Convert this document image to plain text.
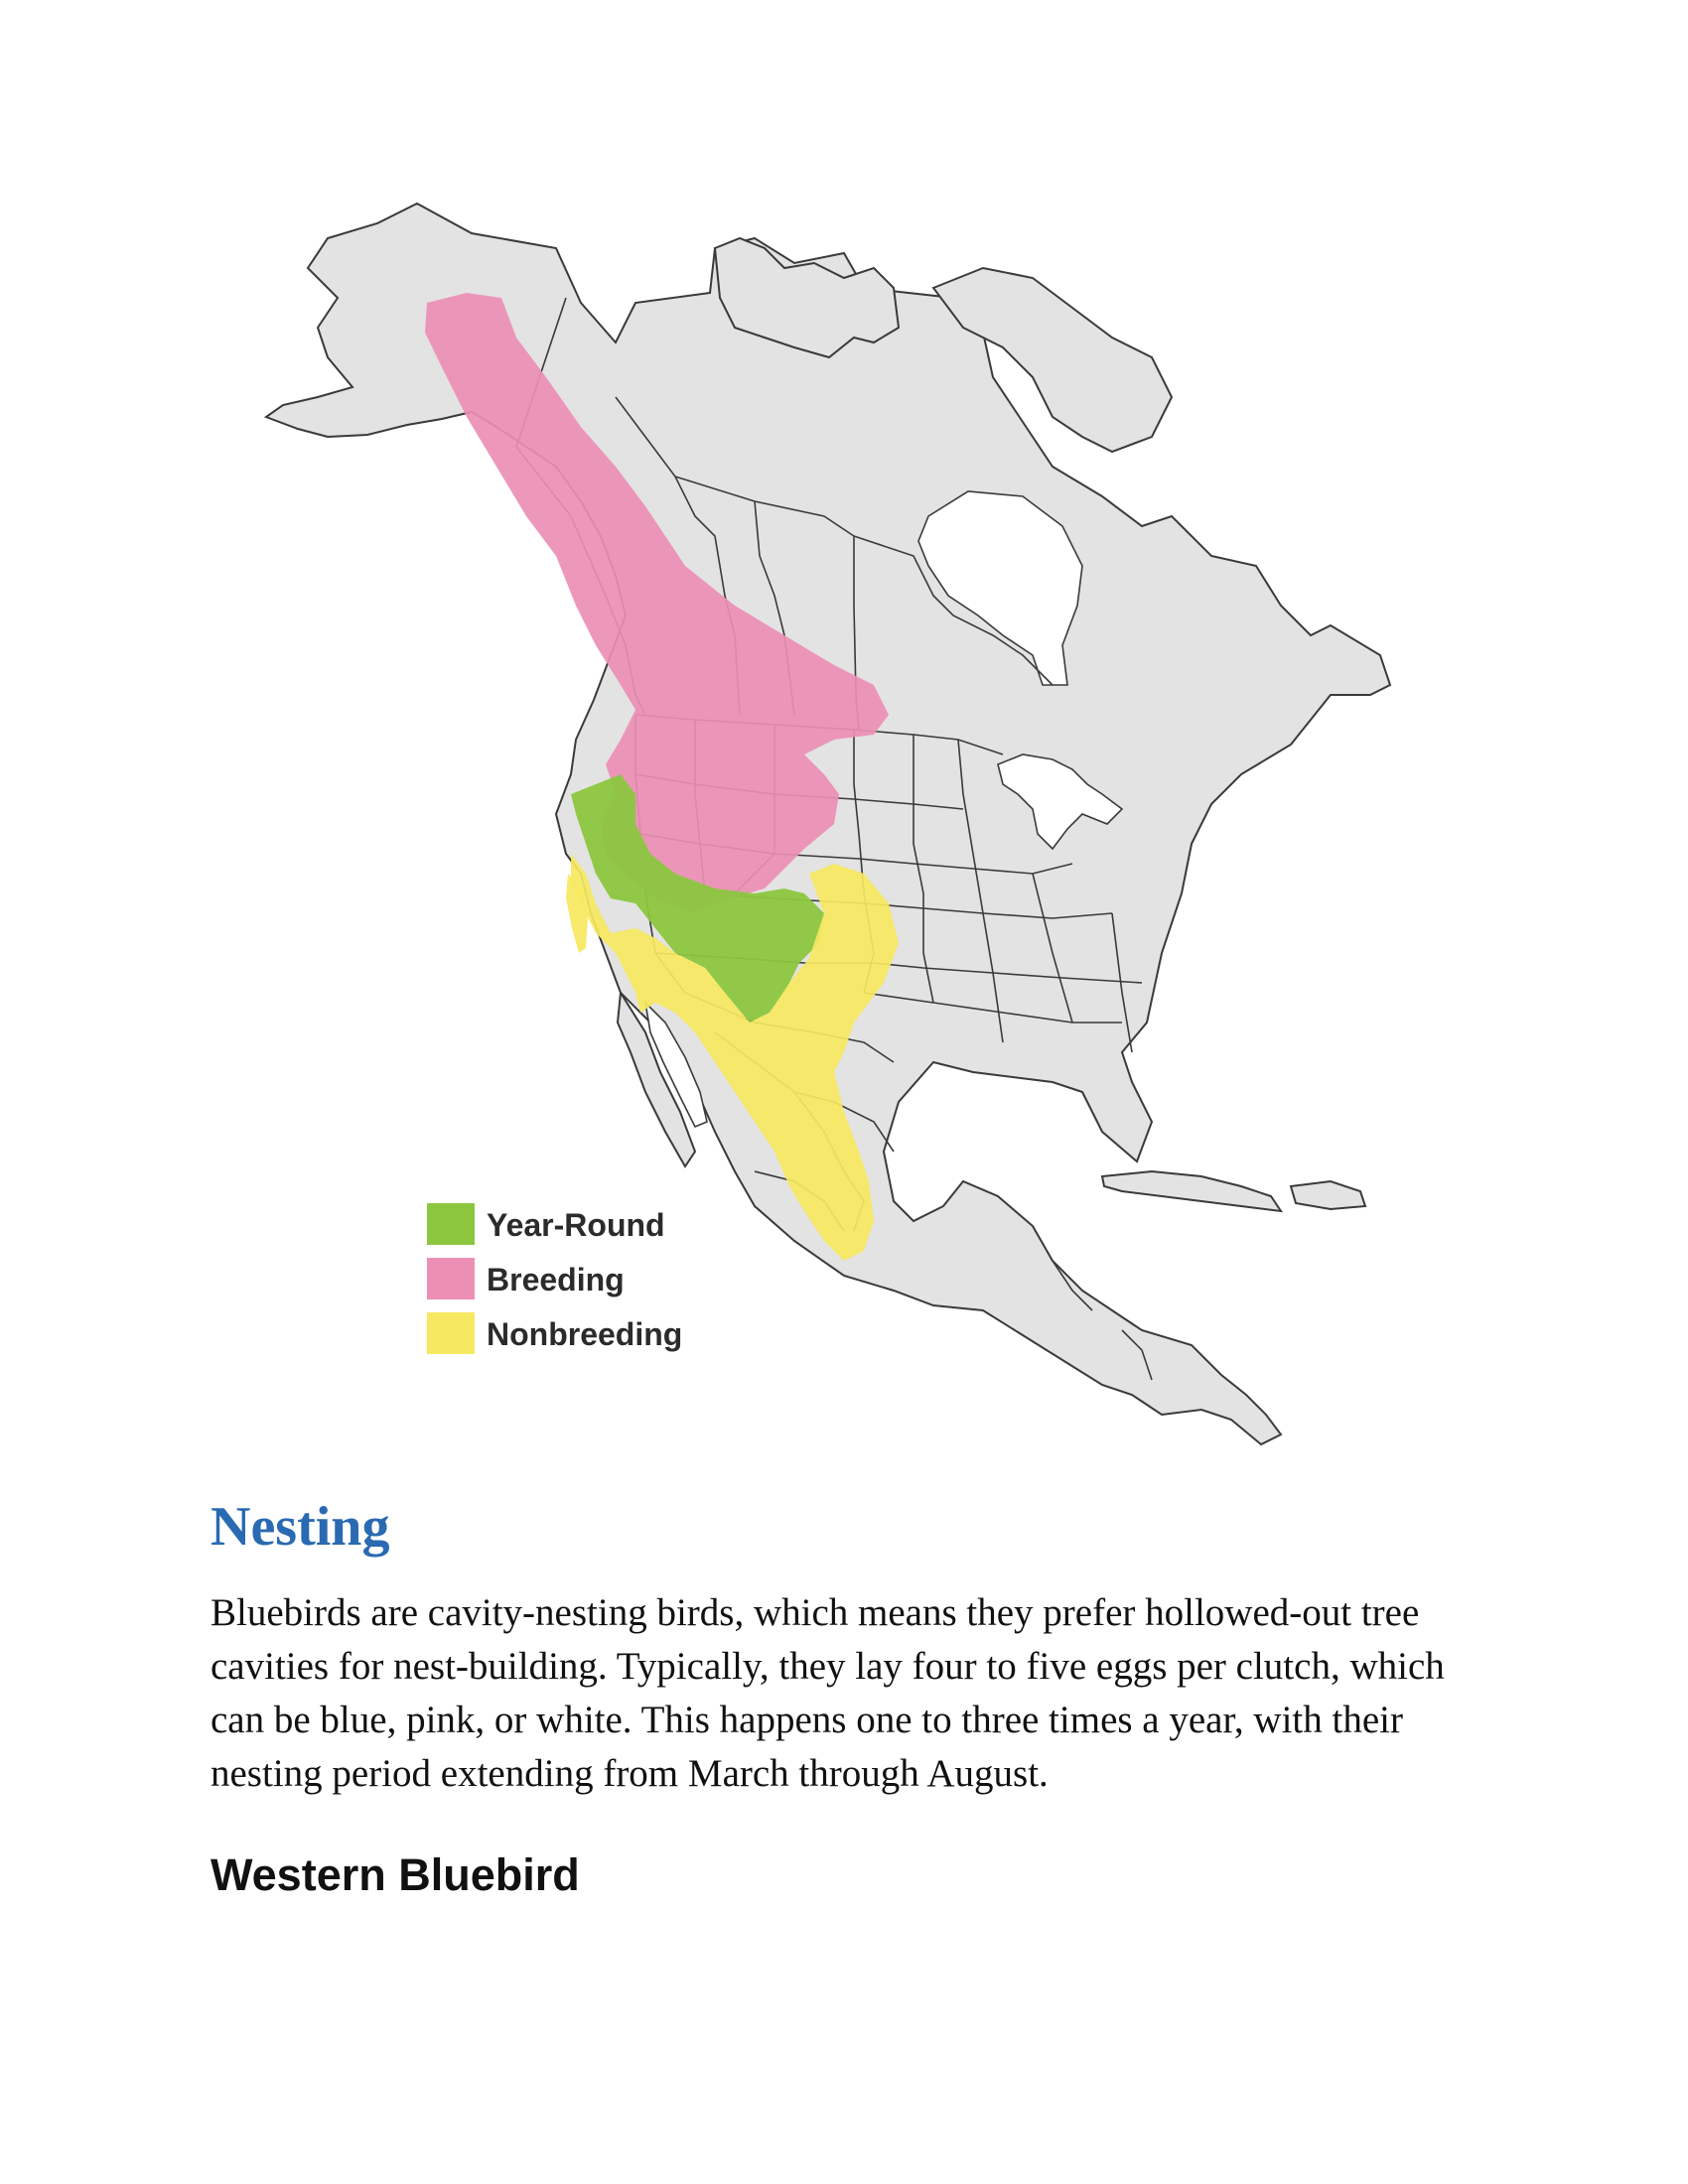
Year-Round
Breeding
Nonbreeding
Nesting

Bluebirds are cavity-nesting birds, which means they prefer hollowed-out tree cavities for nest-building. Typically, they lay four to five eggs per clutch, which can be blue, pink, or white. This happens one to three times a year, with their nesting period extending from March through August.

Western Bluebird
